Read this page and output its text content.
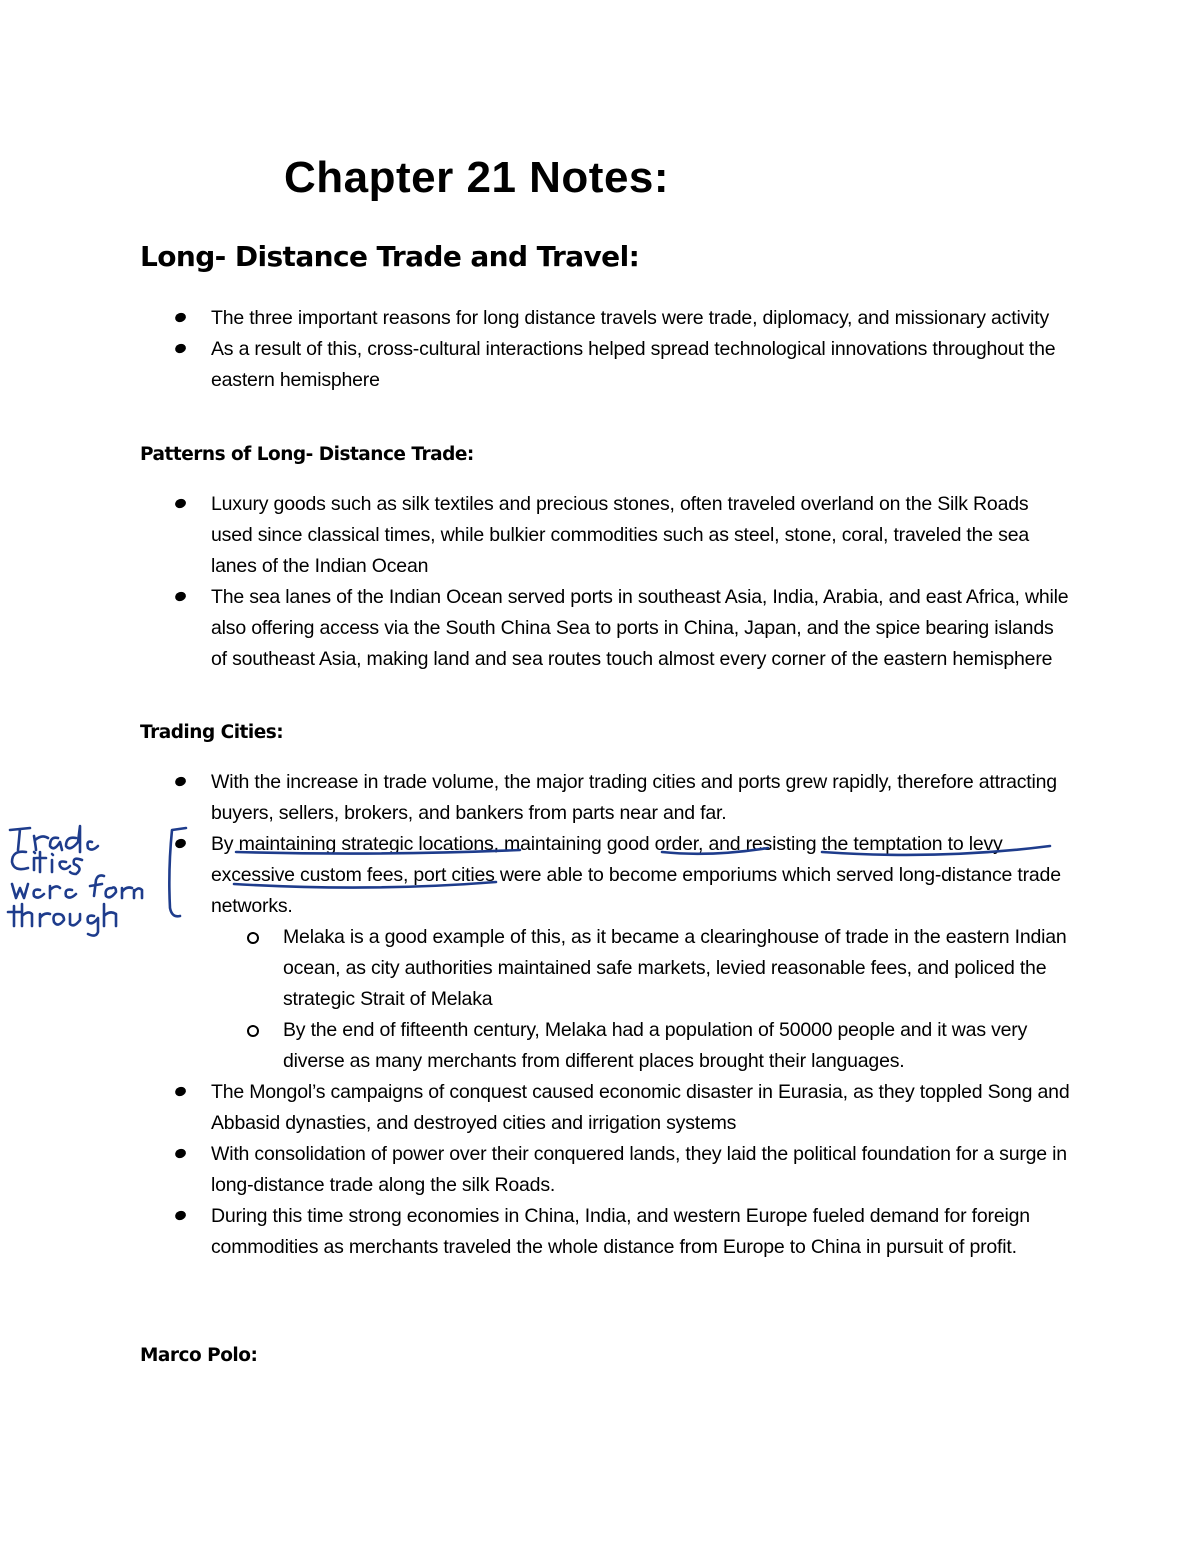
Chapter 21 Notes:
Long- Distance Trade and Travel:
The three important reasons for long distance travels were trade, diplomacy, and missionary activity
As a result of this, cross-cultural interactions helped spread technological innovations throughout the eastern hemisphere
Patterns of Long- Distance Trade:
Luxury goods such as silk textiles and precious stones, often traveled overland on the Silk Roads used since classical times, while bulkier commodities such as steel, stone, coral, traveled the sea lanes of the Indian Ocean
The sea lanes of the Indian Ocean served ports in southeast Asia, India, Arabia, and east Africa, while also offering access via the South China Sea to ports in China, Japan, and the spice bearing islands of southeast Asia, making land and sea routes touch almost every corner of the eastern hemisphere
Trading Cities:
With the increase in trade volume, the major trading cities and ports grew rapidly, therefore attracting buyers, sellers, brokers, and bankers from parts near and far.
By maintaining strategic locations, maintaining good order, and resisting the temptation to levy excessive custom fees, port cities were able to become emporiums which served long-distance trade networks.
Melaka is a good example of this, as it became a clearinghouse of trade in the eastern Indian ocean, as city authorities maintained safe markets, levied reasonable fees, and policed the strategic Strait of Melaka
By the end of fifteenth century, Melaka had a population of 50000 people and it was very diverse as many merchants from different places brought their languages.
The Mongol’s campaigns of conquest caused economic disaster in Eurasia, as they toppled Song and Abbasid dynasties, and destroyed cities and irrigation systems
With consolidation of power over their conquered lands, they laid the political foundation for a surge in long-distance trade along the silk Roads.
During this time strong economies in China, India, and western Europe fueled demand for foreign commodities as merchants traveled the whole distance from Europe to China in pursuit of profit.
Marco Polo:
